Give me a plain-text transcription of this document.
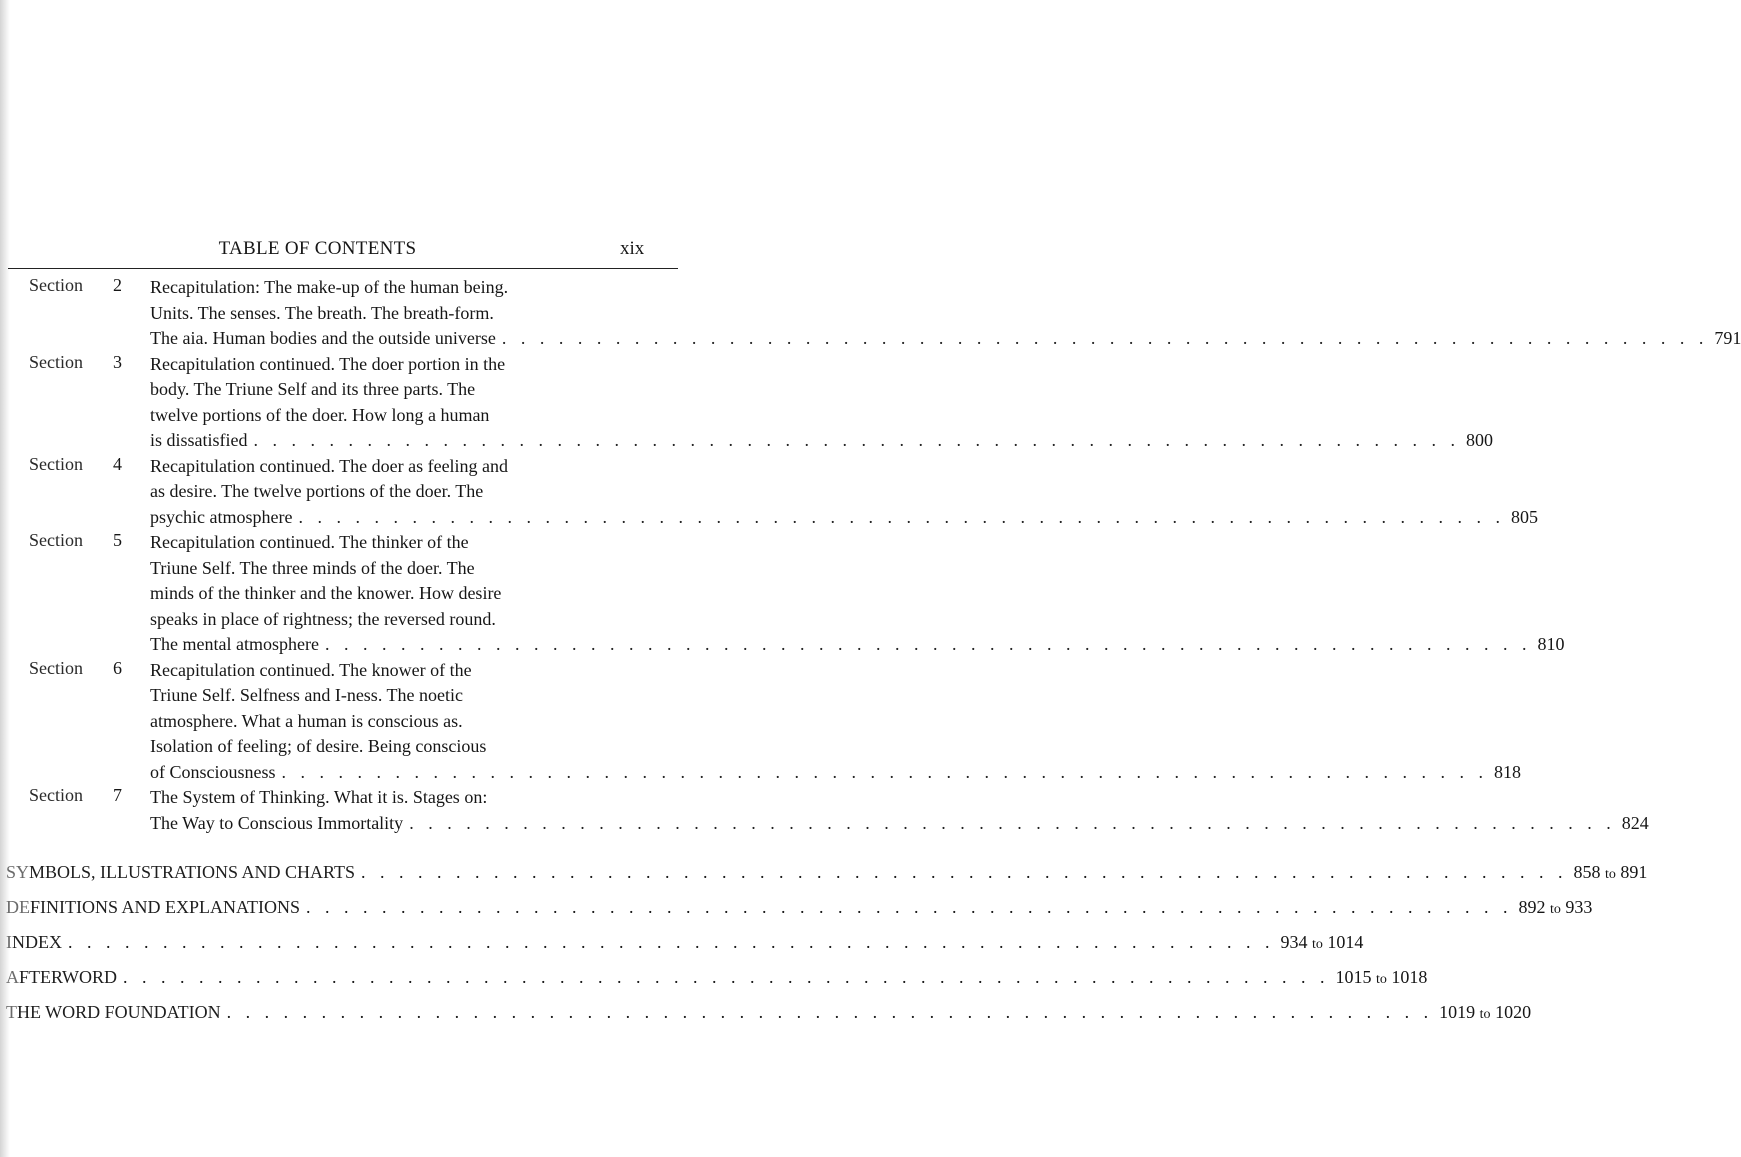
TABLE OF CONTENTS	xix
Section 2 Recapitulation: The make-up of the human being.
Units. The senses. The breath. The breath-form.
The aia. Human bodies and the outside universe . . . . . . . . . . . . . . . . . . . . . . . . . . . . . . . . . . . . . . . . . . . . . . . . . . . . . . . . . . . . . . . . 791
Section 3 Recapitulation continued. The doer portion in the
body. The Triune Self and its three parts. The
twelve portions of the doer. How long a human
is dissatisfied . . . . . . . . . . . . . . . . . . . . . . . . . . . . . . . . . . . . . . . . . . . . . . . . . . . . . . . . . . . . . . . . 800
Section 4 Recapitulation continued. The doer as feeling and
as desire. The twelve portions of the doer. The
psychic atmosphere . . . . . . . . . . . . . . . . . . . . . . . . . . . . . . . . . . . . . . . . . . . . . . . . . . . . . . . . . . . . . . . . 805
Section 5 Recapitulation continued. The thinker of the
Triune Self. The three minds of the doer. The
minds of the thinker and the knower. How desire
speaks in place of rightness; the reversed round.
The mental atmosphere . . . . . . . . . . . . . . . . . . . . . . . . . . . . . . . . . . . . . . . . . . . . . . . . . . . . . . . . . . . . . . . . 810
Section 6 Recapitulation continued. The knower of the
Triune Self. Selfness and I-ness. The noetic
atmosphere. What a human is conscious as.
Isolation of feeling; of desire. Being conscious
of Consciousness . . . . . . . . . . . . . . . . . . . . . . . . . . . . . . . . . . . . . . . . . . . . . . . . . . . . . . . . . . . . . . . . 818
Section 7 The System of Thinking. What it is. Stages on:
The Way to Conscious Immortality . . . . . . . . . . . . . . . . . . . . . . . . . . . . . . . . . . . . . . . . . . . . . . . . . . . . . . . . . . . . . . . . 824
SYMBOLS, ILLUSTRATIONS AND CHARTS . . . . . . . . . . . . . . . . . . . . . . . . . . . . . . . . . . . . . . . . . . . . . . . . . . . . . . . . . . . . . . . . 858 to 891
DEFINITIONS AND EXPLANATIONS . . . . . . . . . . . . . . . . . . . . . . . . . . . . . . . . . . . . . . . . . . . . . . . . . . . . . . . . . . . . . . . . 892 to 933
INDEX . . . . . . . . . . . . . . . . . . . . . . . . . . . . . . . . . . . . . . . . . . . . . . . . . . . . . . . . . . . . . . . . 934 to 1014
AFTERWORD . . . . . . . . . . . . . . . . . . . . . . . . . . . . . . . . . . . . . . . . . . . . . . . . . . . . . . . . . . . . . . . . 1015 to 1018
THE WORD FOUNDATION . . . . . . . . . . . . . . . . . . . . . . . . . . . . . . . . . . . . . . . . . . . . . . . . . . . . . . . . . . . . . . . . 1019 to 1020
